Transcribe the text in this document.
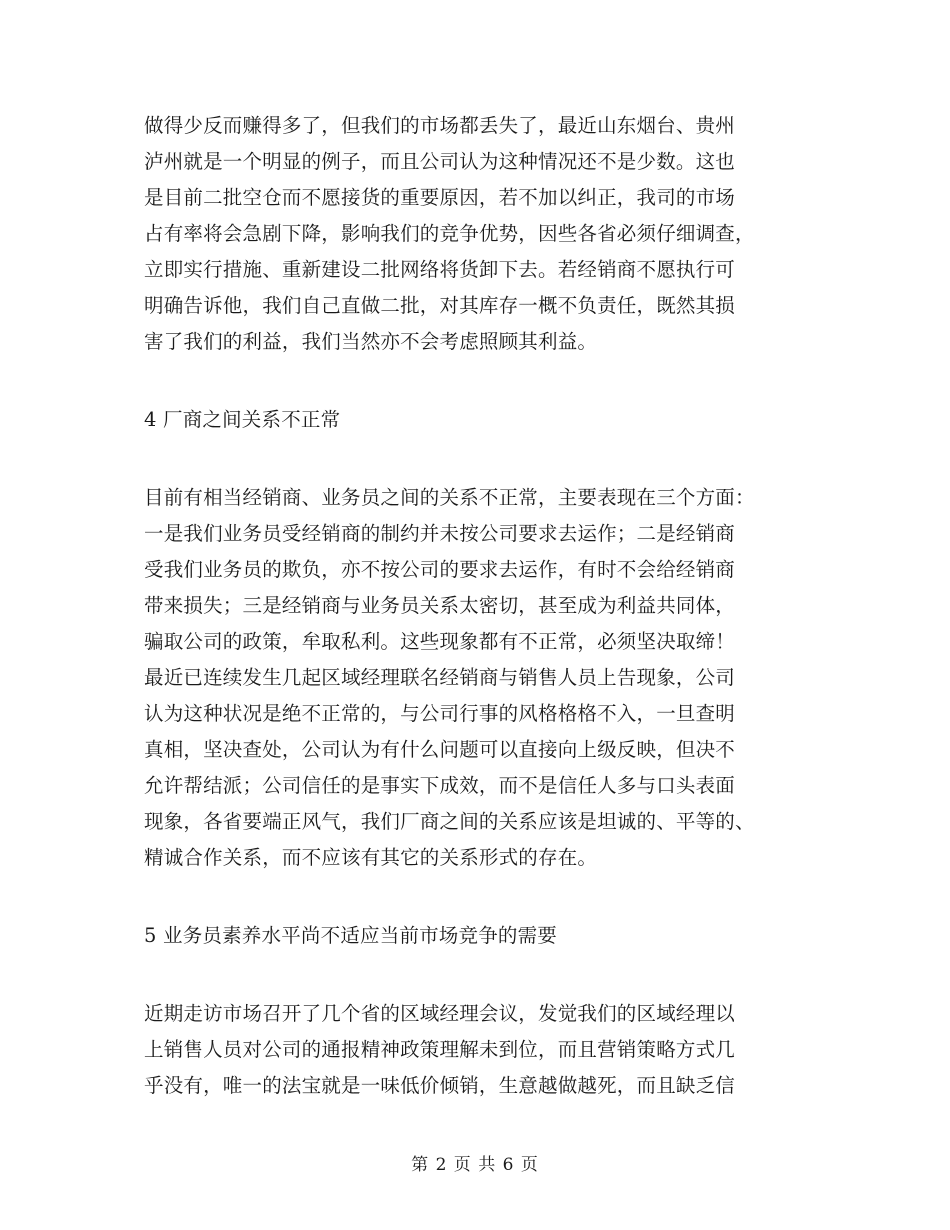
做得少反而赚得多了，但我们的市场都丢失了，最近山东烟台、贵州
泸州就是一个明显的例子，而且公司认为这种情况还不是少数。这也
是目前二批空仓而不愿接货的重要原因，若不加以纠正，我司的市场
占有率将会急剧下降，影响我们的竞争优势，因些各省必须仔细调查，
立即实行措施、重新建设二批网络将货卸下去。若经销商不愿执行可
明确告诉他，我们自己直做二批，对其库存一概不负责任，既然其损
害了我们的利益，我们当然亦不会考虑照顾其利益。

4 厂商之间关系不正常

目前有相当经销商、业务员之间的关系不正常，主要表现在三个方面：
一是我们业务员受经销商的制约并未按公司要求去运作；二是经销商
受我们业务员的欺负，亦不按公司的要求去运作，有时不会给经销商
带来损失；三是经销商与业务员关系太密切，甚至成为利益共同体，
骗取公司的政策，牟取私利。这些现象都有不正常，必须坚决取缔！
最近已连续发生几起区域经理联名经销商与销售人员上告现象，公司
认为这种状况是绝不正常的，与公司行事的风格格格不入，一旦查明
真相，坚决查处，公司认为有什么问题可以直接向上级反映，但决不
允许帮结派；公司信任的是事实下成效，而不是信任人多与口头表面
现象，各省要端正风气，我们厂商之间的关系应该是坦诚的、平等的、
精诚合作关系，而不应该有其它的关系形式的存在。

5 业务员素养水平尚不适应当前市场竞争的需要

近期走访市场召开了几个省的区域经理会议，发觉我们的区域经理以
上销售人员对公司的通报精神政策理解未到位，而且营销策略方式几
乎没有，唯一的法宝就是一味低价倾销，生意越做越死，而且缺乏信

第 2 页 共 6 页
